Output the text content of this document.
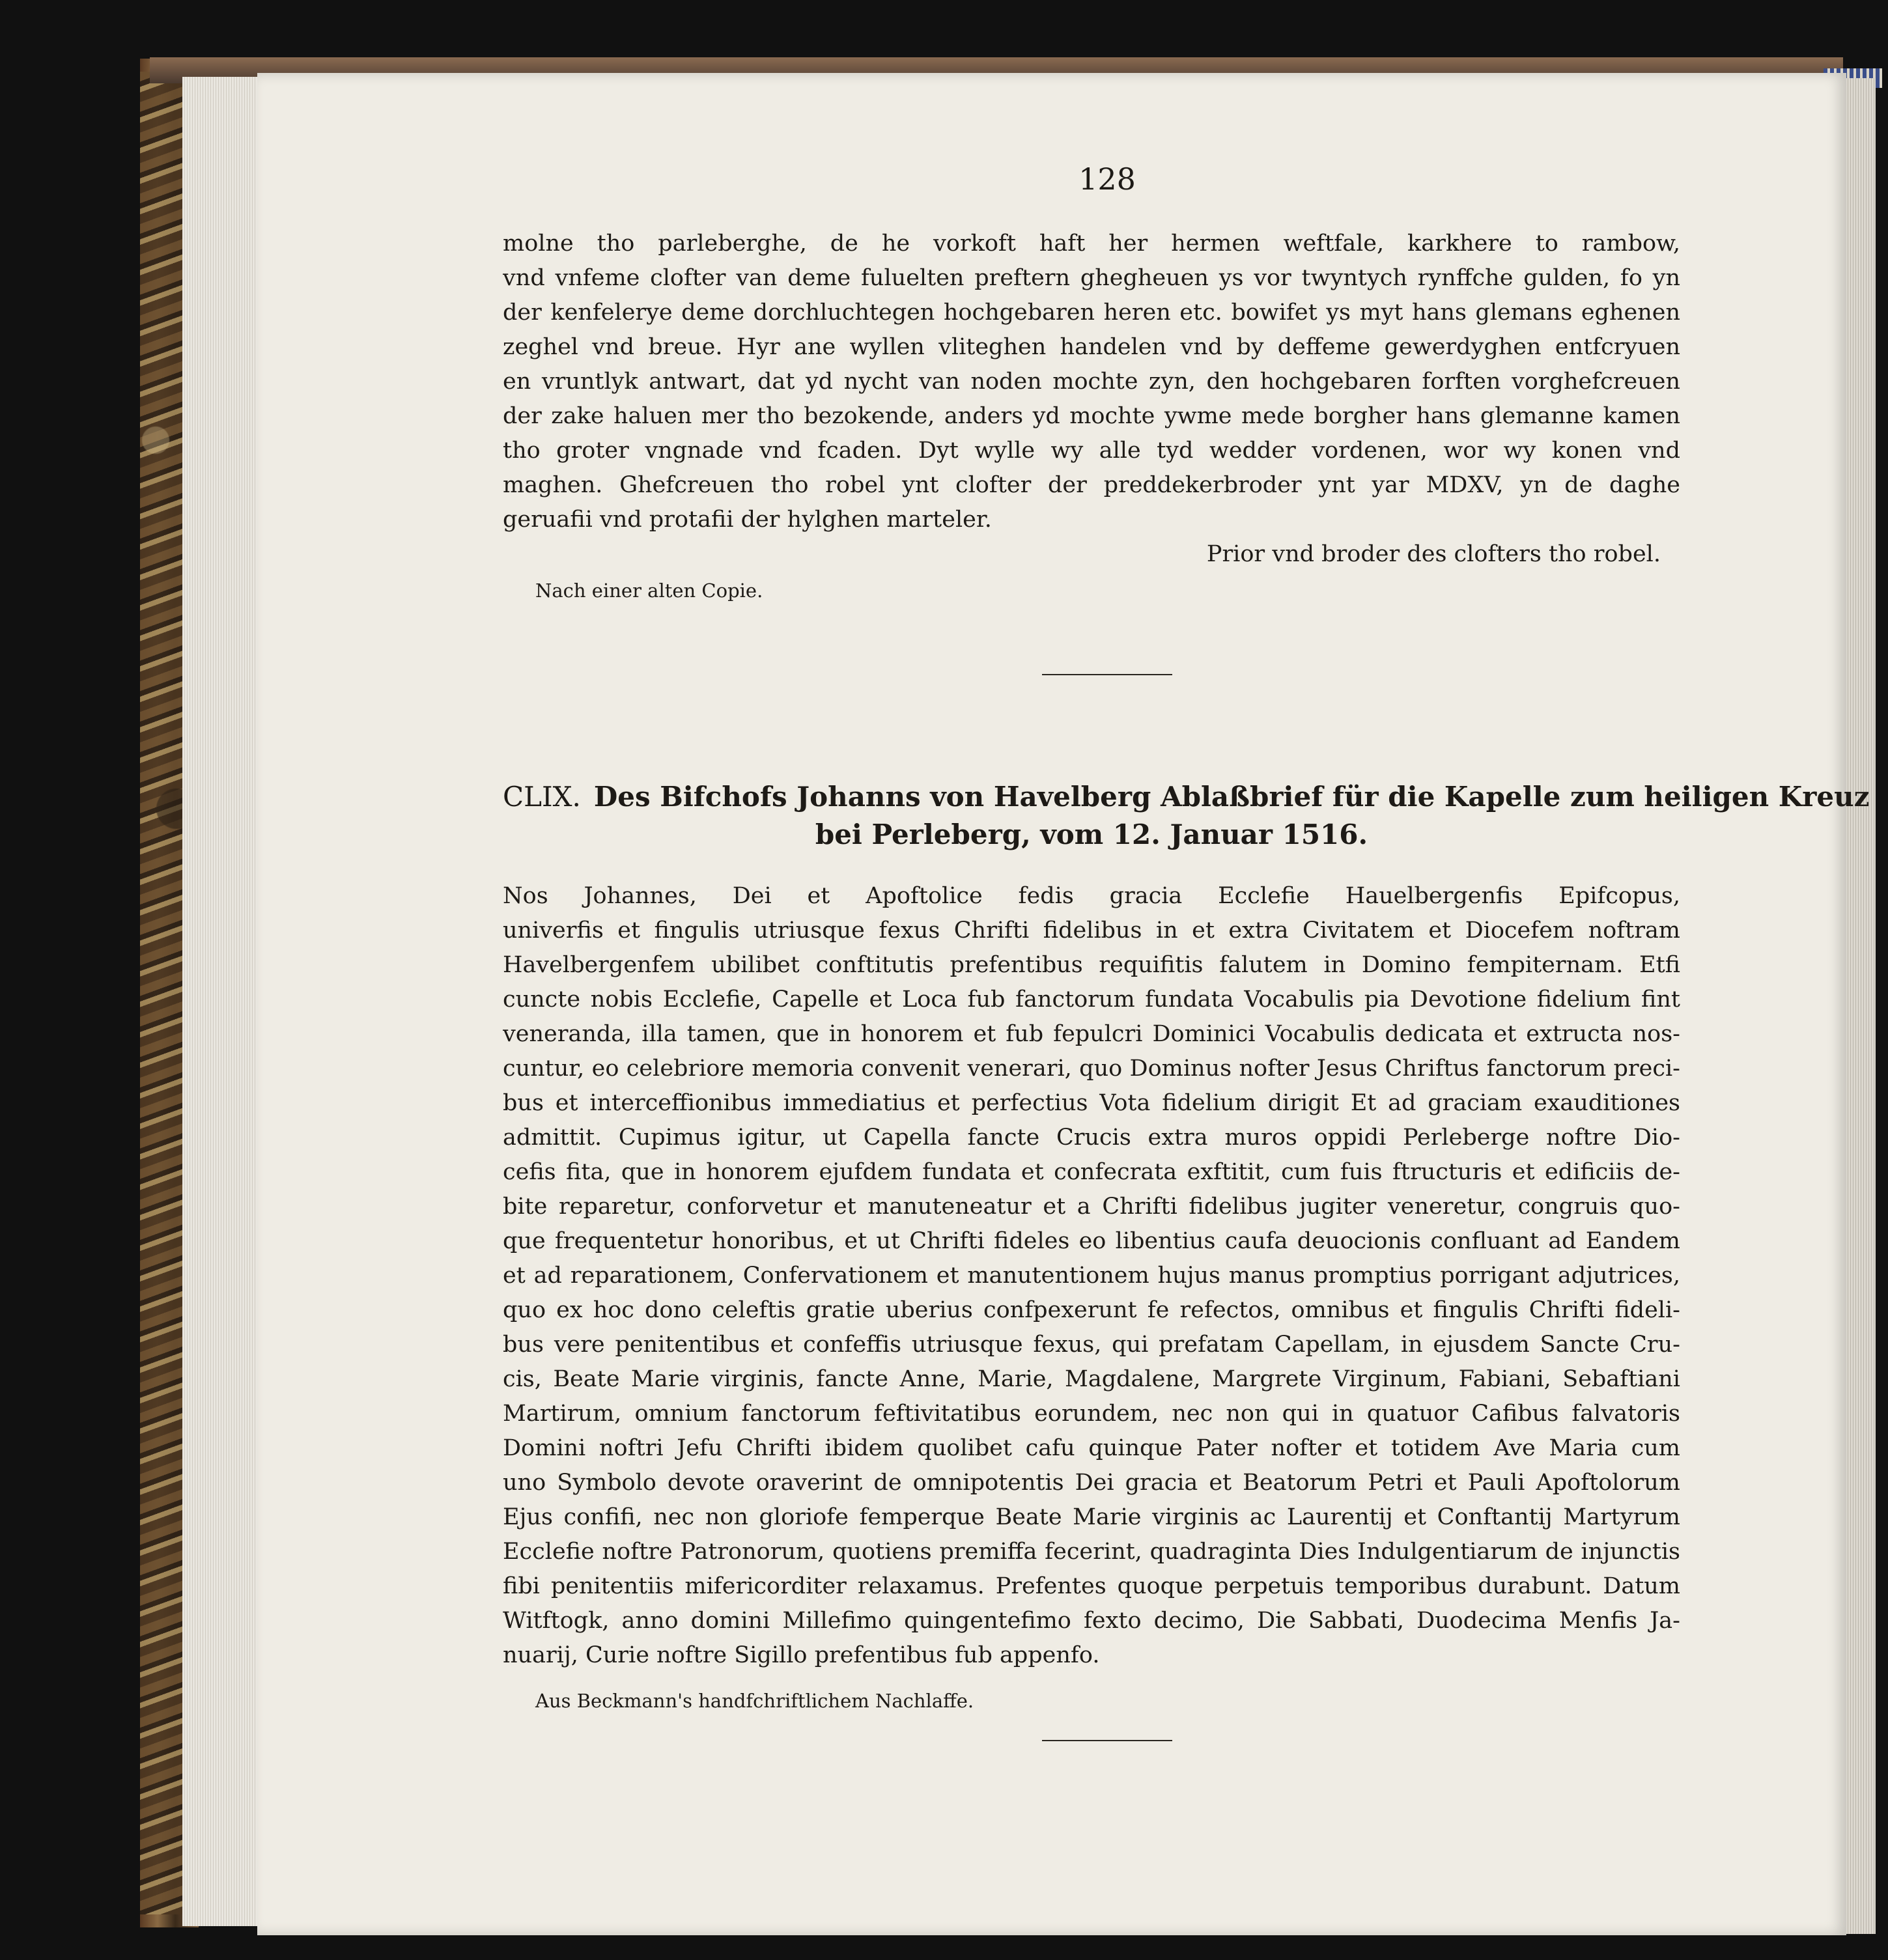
128
molne tho parleberghe, de he vorkoft haft her hermen weftfale, karkhere to rambow,
vnd vnfeme clofter van deme fuluelten preftern ghegheuen ys vor twyntych rynffche gulden, fo yn
der kenfelerye deme dorchluchtegen hochgebaren heren etc. bowifet ys myt hans glemans eghenen
zeghel vnd breue. Hyr ane wyllen vliteghen handelen vnd by deffeme gewerdyghen entfcryuen
en vruntlyk antwart, dat yd nycht van noden mochte zyn, den hochgebaren forften vorghefcreuen
der zake haluen mer tho bezokende, anders yd mochte ywme mede borgher hans glemanne kamen
tho groter vngnade vnd fcaden. Dyt wylle wy alle tyd wedder vordenen, wor wy konen vnd
maghen. Ghefcreuen tho robel ynt clofter der preddekerbroder ynt yar MDXV, yn de daghe
geruafii vnd protafii der hylghen marteler.
Prior vnd broder des clofters tho robel.
Nach einer alten Copie.
CLIX. Des Bifchofs Johanns von Havelberg Ablaßbrief für die Kapelle zum heiligen Kreuz
bei Perleberg, vom 12. Januar 1516.
Nos Johannes, Dei et Apoftolice fedis gracia Ecclefie Hauelbergenfis Epifcopus,
univerfis et fingulis utriusque fexus Chrifti fidelibus in et extra Civitatem et Diocefem noftram
Havelbergenfem ubilibet conftitutis prefentibus requifitis falutem in Domino fempiternam. Etfi
cuncte nobis Ecclefie, Capelle et Loca fub fanctorum fundata Vocabulis pia Devotione fidelium fint
veneranda, illa tamen, que in honorem et fub fepulcri Dominici Vocabulis dedicata et extructa nos-
cuntur, eo celebriore memoria convenit venerari, quo Dominus nofter Jesus Chriftus fanctorum preci-
bus et interceffionibus immediatius et perfectius Vota fidelium dirigit Et ad graciam exauditiones
admittit. Cupimus igitur, ut Capella fancte Crucis extra muros oppidi Perleberge noftre Dio-
cefis fita, que in honorem ejufdem fundata et confecrata exftitit, cum fuis ftructuris et edificiis de-
bite reparetur, conforvetur et manuteneatur et a Chrifti fidelibus jugiter veneretur, congruis quo-
que frequentetur honoribus, et ut Chrifti fideles eo libentius caufa deuocionis confluant ad Eandem
et ad reparationem, Confervationem et manutentionem hujus manus promptius porrigant adjutrices,
quo ex hoc dono celeftis gratie uberius confpexerunt fe refectos, omnibus et fingulis Chrifti fideli-
bus vere penitentibus et confeffis utriusque fexus, qui prefatam Capellam, in ejusdem Sancte Cru-
cis, Beate Marie virginis, fancte Anne, Marie, Magdalene, Margrete Virginum, Fabiani, Sebaftiani
Martirum, omnium fanctorum feftivitatibus eorundem, nec non qui in quatuor Cafibus falvatoris
Domini noftri Jefu Chrifti ibidem quolibet cafu quinque Pater nofter et totidem Ave Maria cum
uno Symbolo devote oraverint de omnipotentis Dei gracia et Beatorum Petri et Pauli Apoftolorum
Ejus confifi, nec non gloriofe femperque Beate Marie virginis ac Laurentij et Conftantij Martyrum
Ecclefie noftre Patronorum, quotiens premiffa fecerint, quadraginta Dies Indulgentiarum de injunctis
fibi penitentiis mifericorditer relaxamus. Prefentes quoque perpetuis temporibus durabunt. Datum
Witftogk, anno domini Millefimo quingentefimo fexto decimo, Die Sabbati, Duodecima Menfis Ja-
nuarij, Curie noftre Sigillo prefentibus fub appenfo.
Aus Beckmann's handfchriftlichem Nachlaffe.
